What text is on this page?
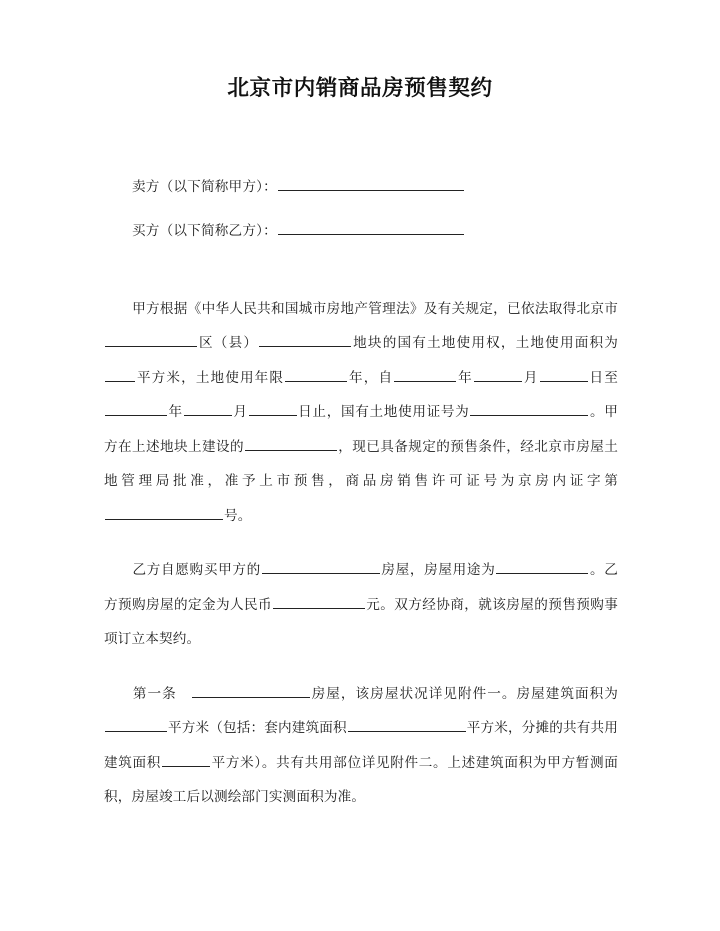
北京市内销商品房预售契约
卖方（以下简称甲方）：
买方（以下简称乙方）：

甲方根据《中华人民共和国城市房地产管理法》及有关规定，已依法取得北京市区（县）	地块的国有土地使用权，土地使用面积为平方米，土地使用年限	年，自	年	月	日至年	月	日止，国有土地使用证号为	。甲方在上述地块上建设的	，现已具备规定的预售条件，经北京市房屋土地管理局批准，准予上市预售，商品房销售许可证号为京房内证字第号。

乙方自愿购买甲方的	房屋，房屋用途为	。乙方预购房屋的定金为人民币	元。双方经协商，就该房屋的预售预购事项订立本契约。

第一条	房屋，该房屋状况详见附件一。房屋建筑面积为平方米（包括：套内建筑面积	平方米，分摊的共有共用建筑面积	平方米）。共有共用部位详见附件二。上述建筑面积为甲方暂测面积，房屋竣工后以测绘部门实测面积为准。
